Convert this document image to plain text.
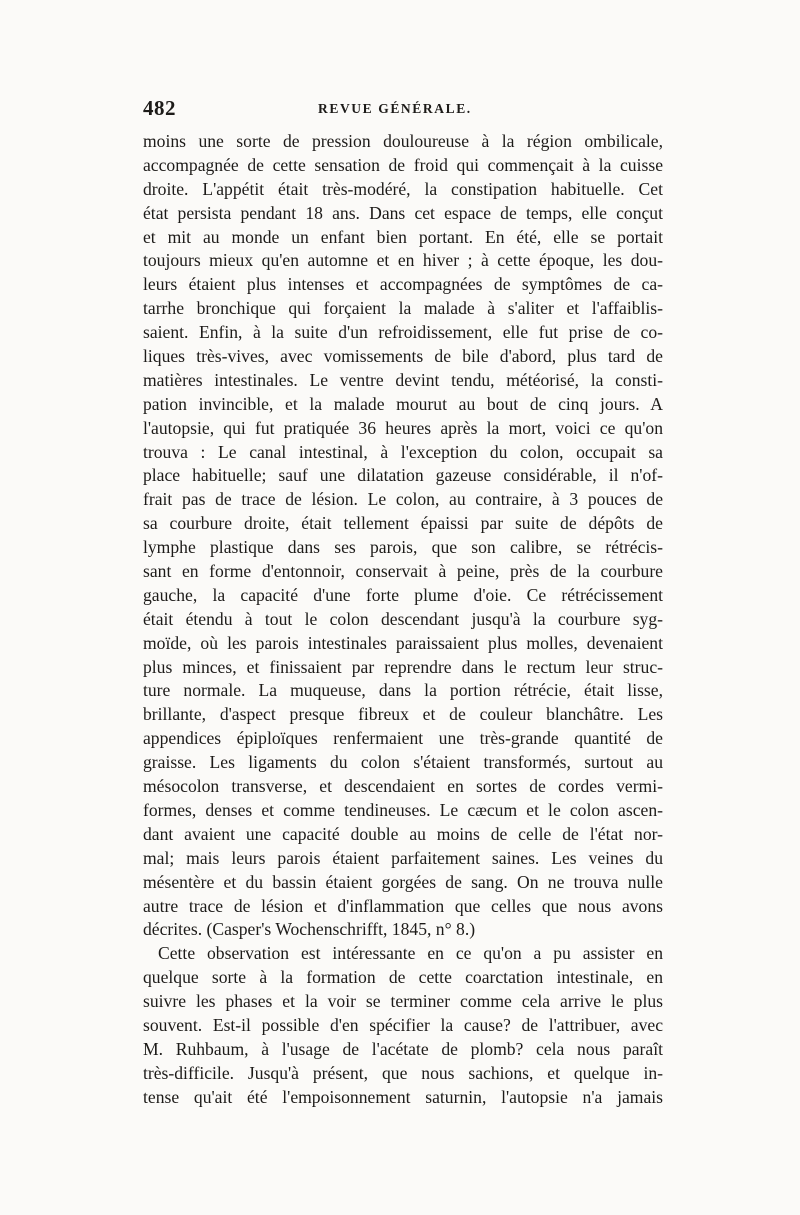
482	REVUE GÉNÉRALE.
moins une sorte de pression douloureuse à la région ombilicale,
accompagnée de cette sensation de froid qui commençait à la cuisse
droite. L'appétit était très-modéré, la constipation habituelle. Cet
état persista pendant 18 ans. Dans cet espace de temps, elle conçut
et mit au monde un enfant bien portant. En été, elle se portait
toujours mieux qu'en automne et en hiver ; à cette époque, les dou-
leurs étaient plus intenses et accompagnées de symptômes de ca-
tarrhe bronchique qui forçaient la malade à s'aliter et l'affaiblis-
saient. Enfin, à la suite d'un refroidissement, elle fut prise de co-
liques très-vives, avec vomissements de bile d'abord, plus tard de
matières intestinales. Le ventre devint tendu, météorisé, la consti-
pation invincible, et la malade mourut au bout de cinq jours. A
l'autopsie, qui fut pratiquée 36 heures après la mort, voici ce qu'on
trouva : Le canal intestinal, à l'exception du colon, occupait sa
place habituelle; sauf une dilatation gazeuse considérable, il n'of-
frait pas de trace de lésion. Le colon, au contraire, à 3 pouces de
sa courbure droite, était tellement épaissi par suite de dépôts de
lymphe plastique dans ses parois, que son calibre, se rétrécis-
sant en forme d'entonnoir, conservait à peine, près de la courbure
gauche, la capacité d'une forte plume d'oie. Ce rétrécissement
était étendu à tout le colon descendant jusqu'à la courbure syg-
moïde, où les parois intestinales paraissaient plus molles, devenaient
plus minces, et finissaient par reprendre dans le rectum leur struc-
ture normale. La muqueuse, dans la portion rétrécie, était lisse,
brillante, d'aspect presque fibreux et de couleur blanchâtre. Les
appendices épiploïques renfermaient une très-grande quantité de
graisse. Les ligaments du colon s'étaient transformés, surtout au
mésocolon transverse, et descendaient en sortes de cordes vermi-
formes, denses et comme tendineuses. Le cæcum et le colon ascen-
dant avaient une capacité double au moins de celle de l'état nor-
mal; mais leurs parois étaient parfaitement saines. Les veines du
mésentère et du bassin étaient gorgées de sang. On ne trouva nulle
autre trace de lésion et d'inflammation que celles que nous avons
décrites. (Casper's Wochenschrifft, 1845, n° 8.)
Cette observation est intéressante en ce qu'on a pu assister en
quelque sorte à la formation de cette coarctation intestinale, en
suivre les phases et la voir se terminer comme cela arrive le plus
souvent. Est-il possible d'en spécifier la cause? de l'attribuer, avec
M. Ruhbaum, à l'usage de l'acétate de plomb? cela nous paraît
très-difficile. Jusqu'à présent, que nous sachions, et quelque in-
tense qu'ait été l'empoisonnement saturnin, l'autopsie n'a jamais
